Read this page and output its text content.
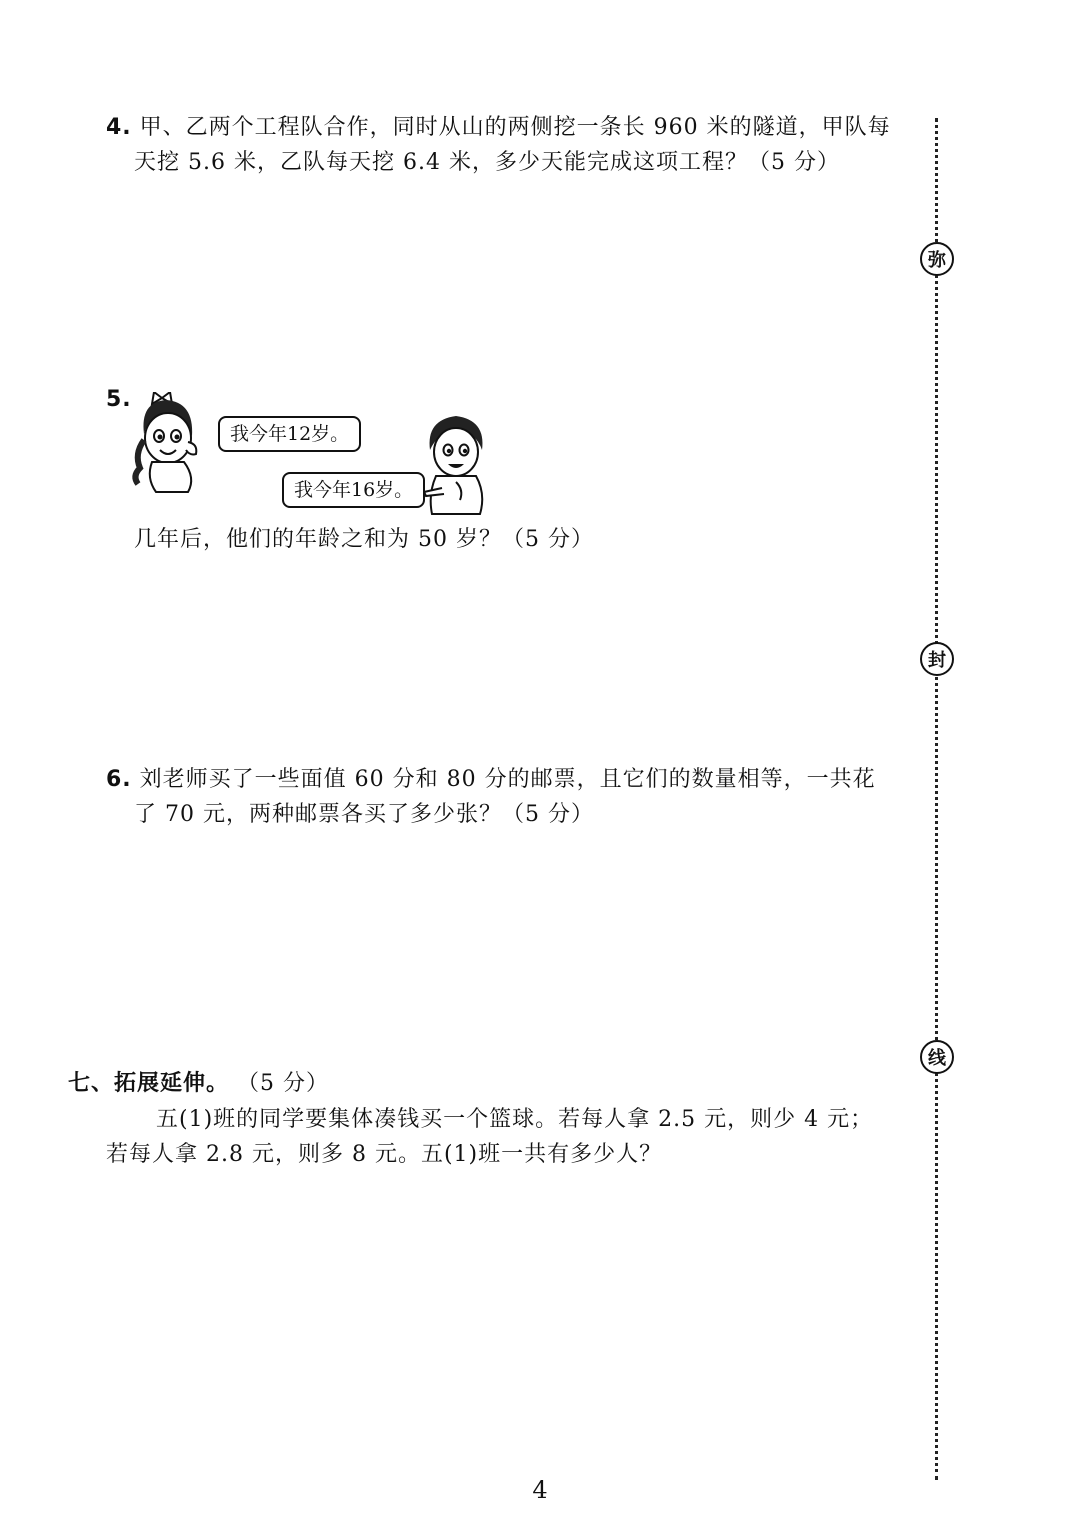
4. 甲、乙两个工程队合作，同时从山的两侧挖一条长 960 米的隧道，甲队每
天挖 5.6 米，乙队每天挖 6.4 米，多少天能完成这项工程？（5 分）
5.
我今年12岁。
我今年16岁。
几年后，他们的年龄之和为 50 岁？（5 分）
6. 刘老师买了一些面值 60 分和 80 分的邮票，且它们的数量相等，一共花
了 70 元，两种邮票各买了多少张？（5 分）
七、拓展延伸。 （5 分）
五(1)班的同学要集体凑钱买一个篮球。若每人拿 2.5 元，则少 4 元；
若每人拿 2.8 元，则多 8 元。五(1)班一共有多少人？
弥
封
线
4
